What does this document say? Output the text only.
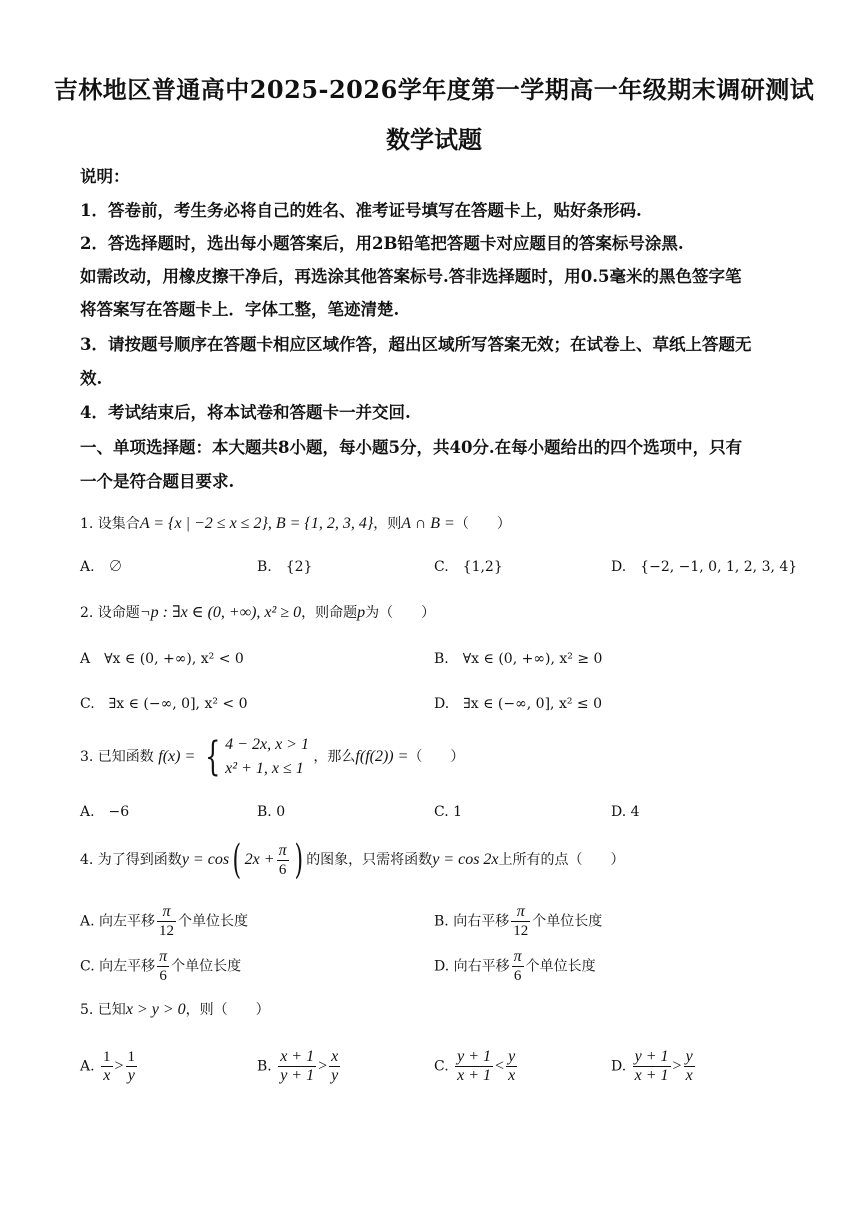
吉林地区普通高中2025-2026学年度第一学期高一年级期末调研测试
数学试题
说明：
1．答卷前，考生务必将自己的姓名、准考证号填写在答题卡上，贴好条形码.
2．答选择题时，选出每小题答案后，用2B铅笔把答题卡对应题目的答案标号涂黑.
如需改动，用橡皮擦干净后，再选涂其他答案标号.答非选择题时，用0.5毫米的黑色签字笔
将答案写在答题卡上．字体工整，笔迹清楚.
3．请按题号顺序在答题卡相应区域作答，超出区域所写答案无效；在试卷上、草纸上答题无
效.
4．考试结束后，将本试卷和答题卡一并交回.
一、单项选择题：本大题共8小题，每小题5分，共40分.在每小题给出的四个选项中，只有
一个是符合题目要求.
1. 设集合A = {x | −2 ≤ x ≤ 2}, B = {1, 2, 3, 4}，则A ∩ B =（　　）
A.　∅	B.　{2}	C.　{1,2}	D.　{−2, −1, 0, 1, 2, 3, 4}
2. 设命题¬p : ∃x ∈ (0, +∞), x² ≥ 0，则命题p为（　　）
A　∀x ∈ (0, +∞), x² < 0	B.　∀x ∈ (0, +∞), x² ≥ 0
C.　∃x ∈ (−∞, 0], x² < 0	D.　∃x ∈ (−∞, 0], x² ≤ 0
3. 已知函数 f(x) = { 4 − 2x, x > 1
x² + 1, x ≤ 1
，那么f(f(2)) =（　　）
A.　−6	B. 0	C. 1	D. 4
4. 为了得到函数y = cos( $2x + \frac{\pi}{6}$ ) 的图象，只需将函数y = cos 2x上所有的点（　　）
A. 向左平移 $\frac{\pi}{12}$ 个单位长度	B. 向右平移 $\frac{\pi}{12}$ 个单位长度
C. 向左平移 $\frac{\pi}{6}$ 个单位长度	D. 向右平移 $\frac{\pi}{6}$ 个单位长度
5. 已知x > y > 0，则（　　）
A. $\frac{1}{x} > \frac{1}{y}$	B. $\frac{x + 1}{y + 1} > \frac{x}{y}$	C. $\frac{y + 1}{x + 1} < \frac{y}{x}$	D. $\frac{y + 1}{x + 1} > \frac{y}{x}$
